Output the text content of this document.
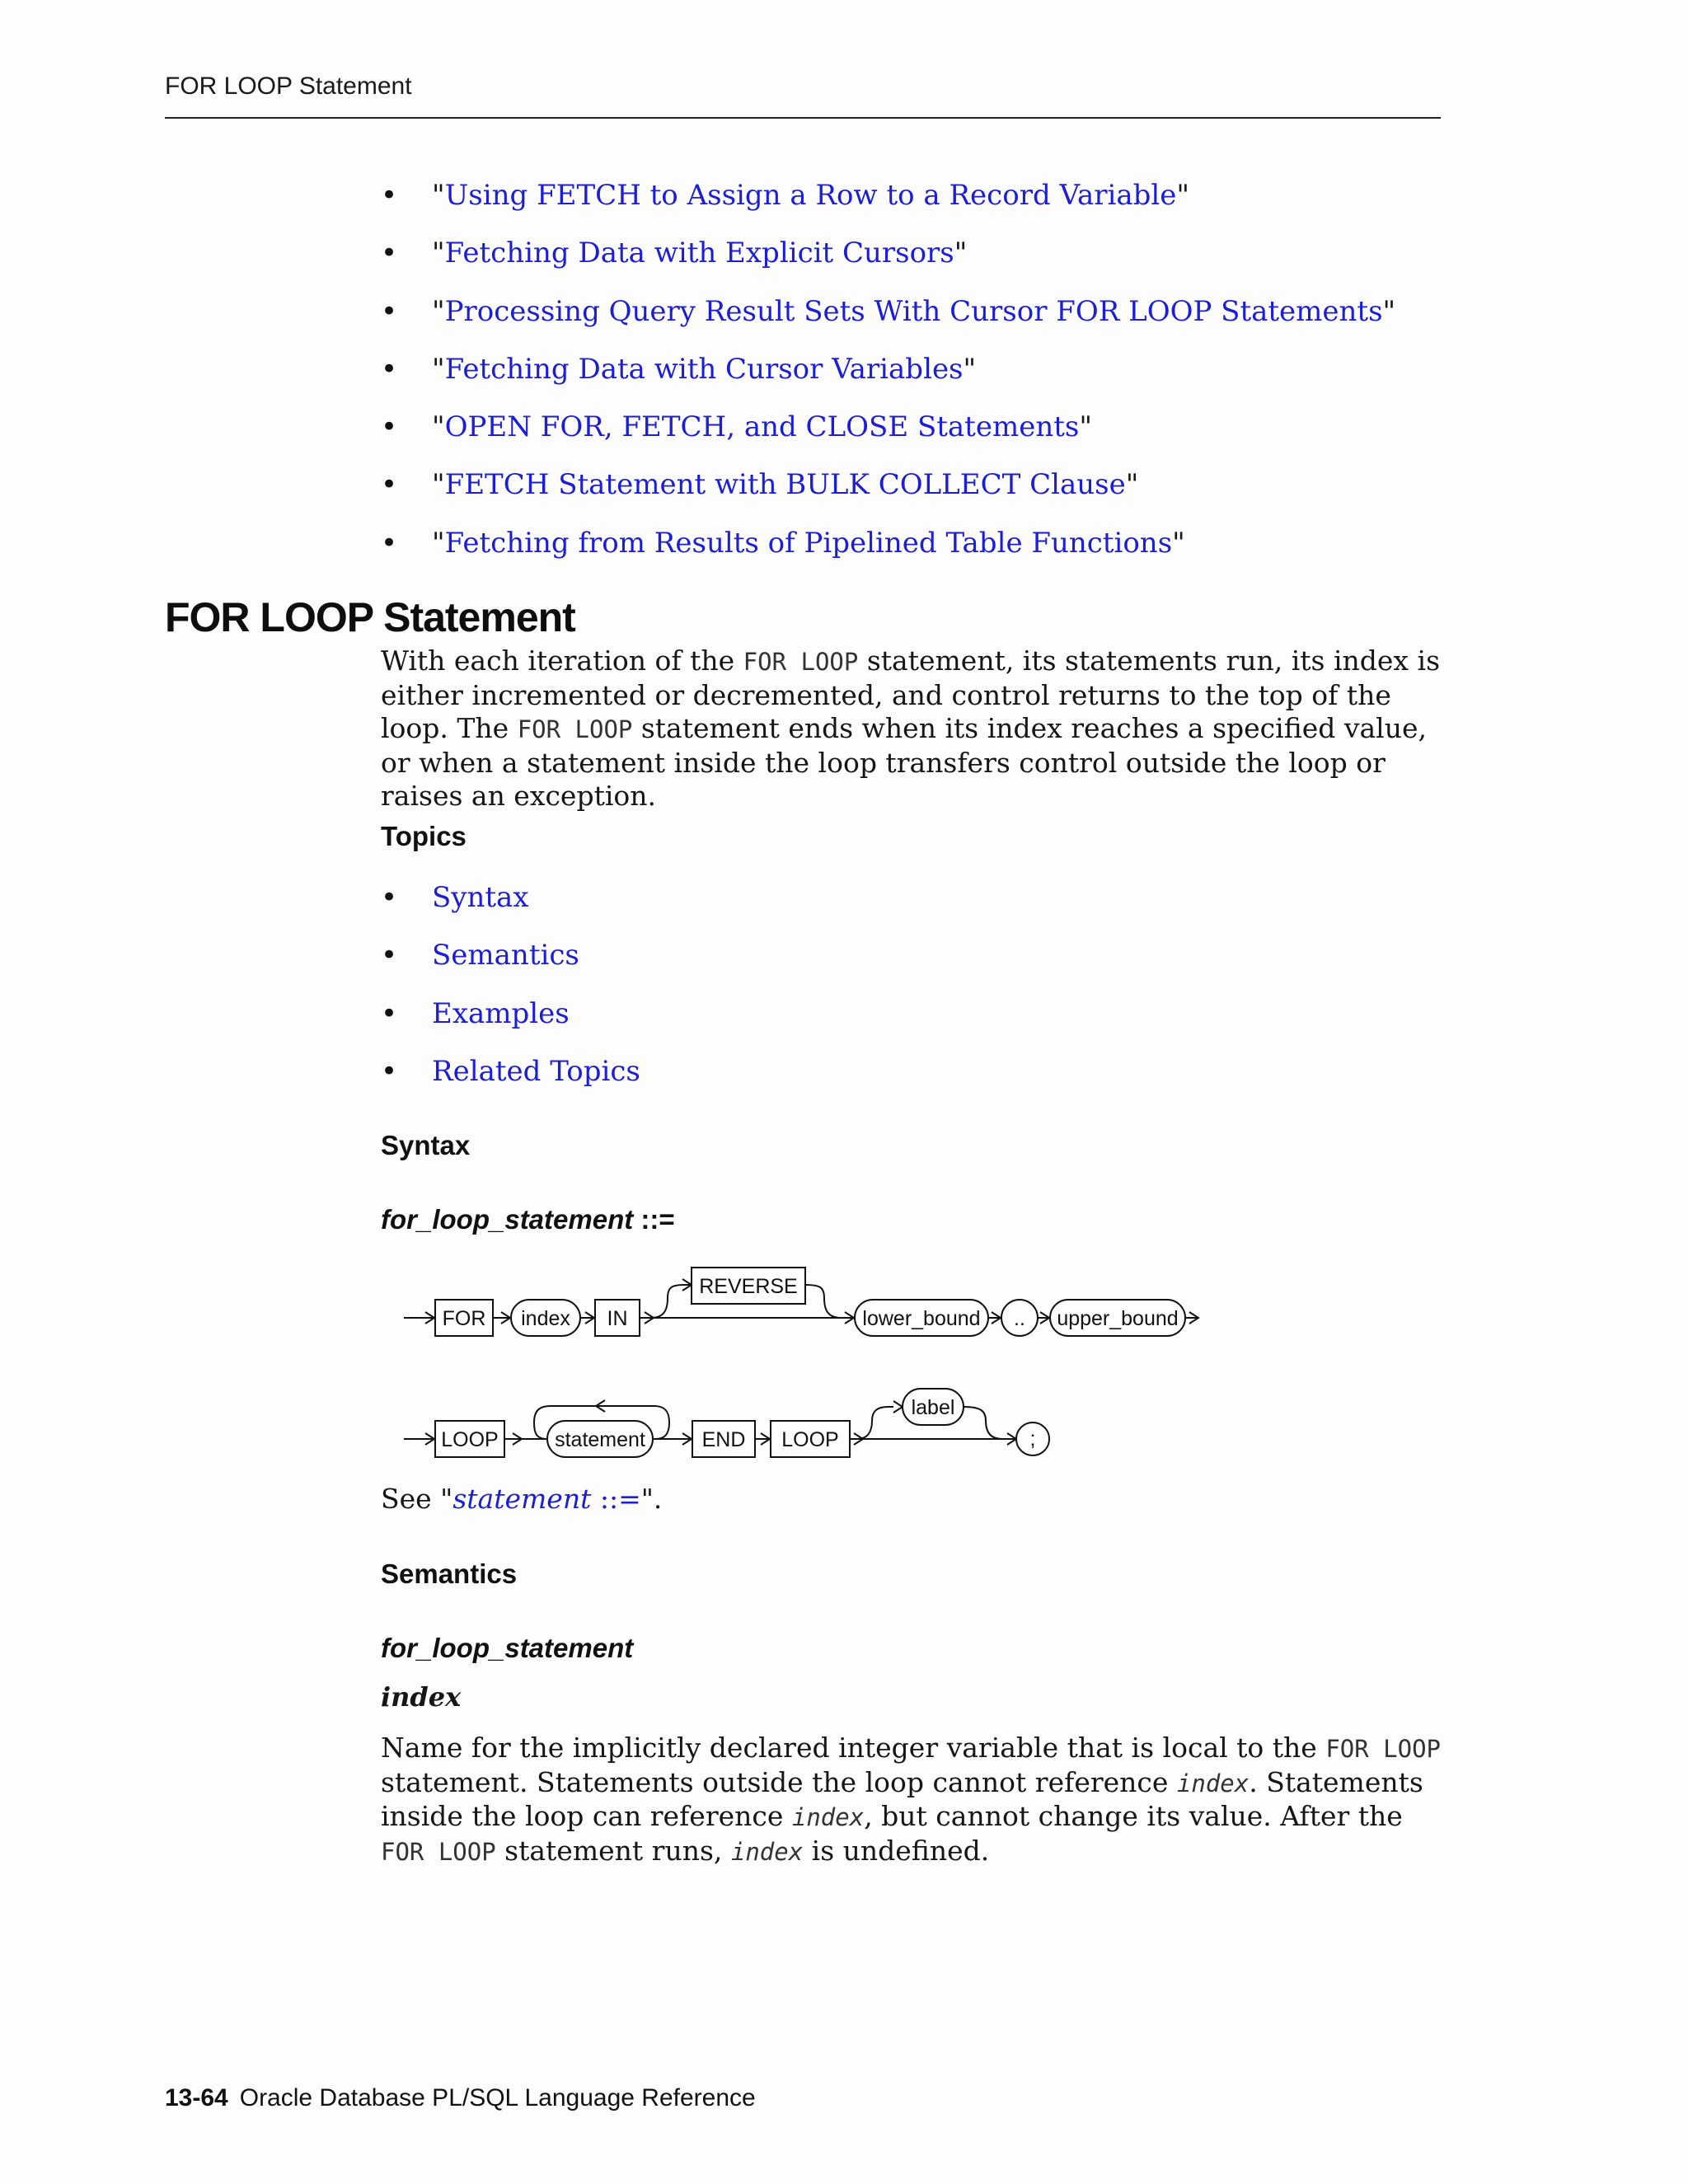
FOR LOOP Statement
• "Using FETCH to Assign a Row to a Record Variable"
• "Fetching Data with Explicit Cursors"
• "Processing Query Result Sets With Cursor FOR LOOP Statements"
• "Fetching Data with Cursor Variables"
• "OPEN FOR, FETCH, and CLOSE Statements"
• "FETCH Statement with BULK COLLECT Clause"
• "Fetching from Results of Pipelined Table Functions"
FOR LOOP Statement

With each iteration of the FOR LOOP statement, its statements run, its index is either incremented or decremented, and control returns to the top of the loop. The FOR LOOP statement ends when its index reaches a specified value, or when a statement inside the loop transfers control outside the loop or raises an exception.

Topics
• Syntax
• Semantics
• Examples
• Related Topics
Syntax
for_loop_statement ::=
FOR index IN
REVERSE
lower_bound .. upper_bound
LOOP	statement	END LOOP
label
;

See "statement ::=".

Semantics
for_loop_statement
index

Name for the implicitly declared integer variable that is local to the FOR LOOP statement. Statements outside the loop cannot reference index. Statements inside the loop can reference index, but cannot change its value. After the FOR LOOP statement runs, index is undefined.

13-64 Oracle Database PL/SQL Language Reference
